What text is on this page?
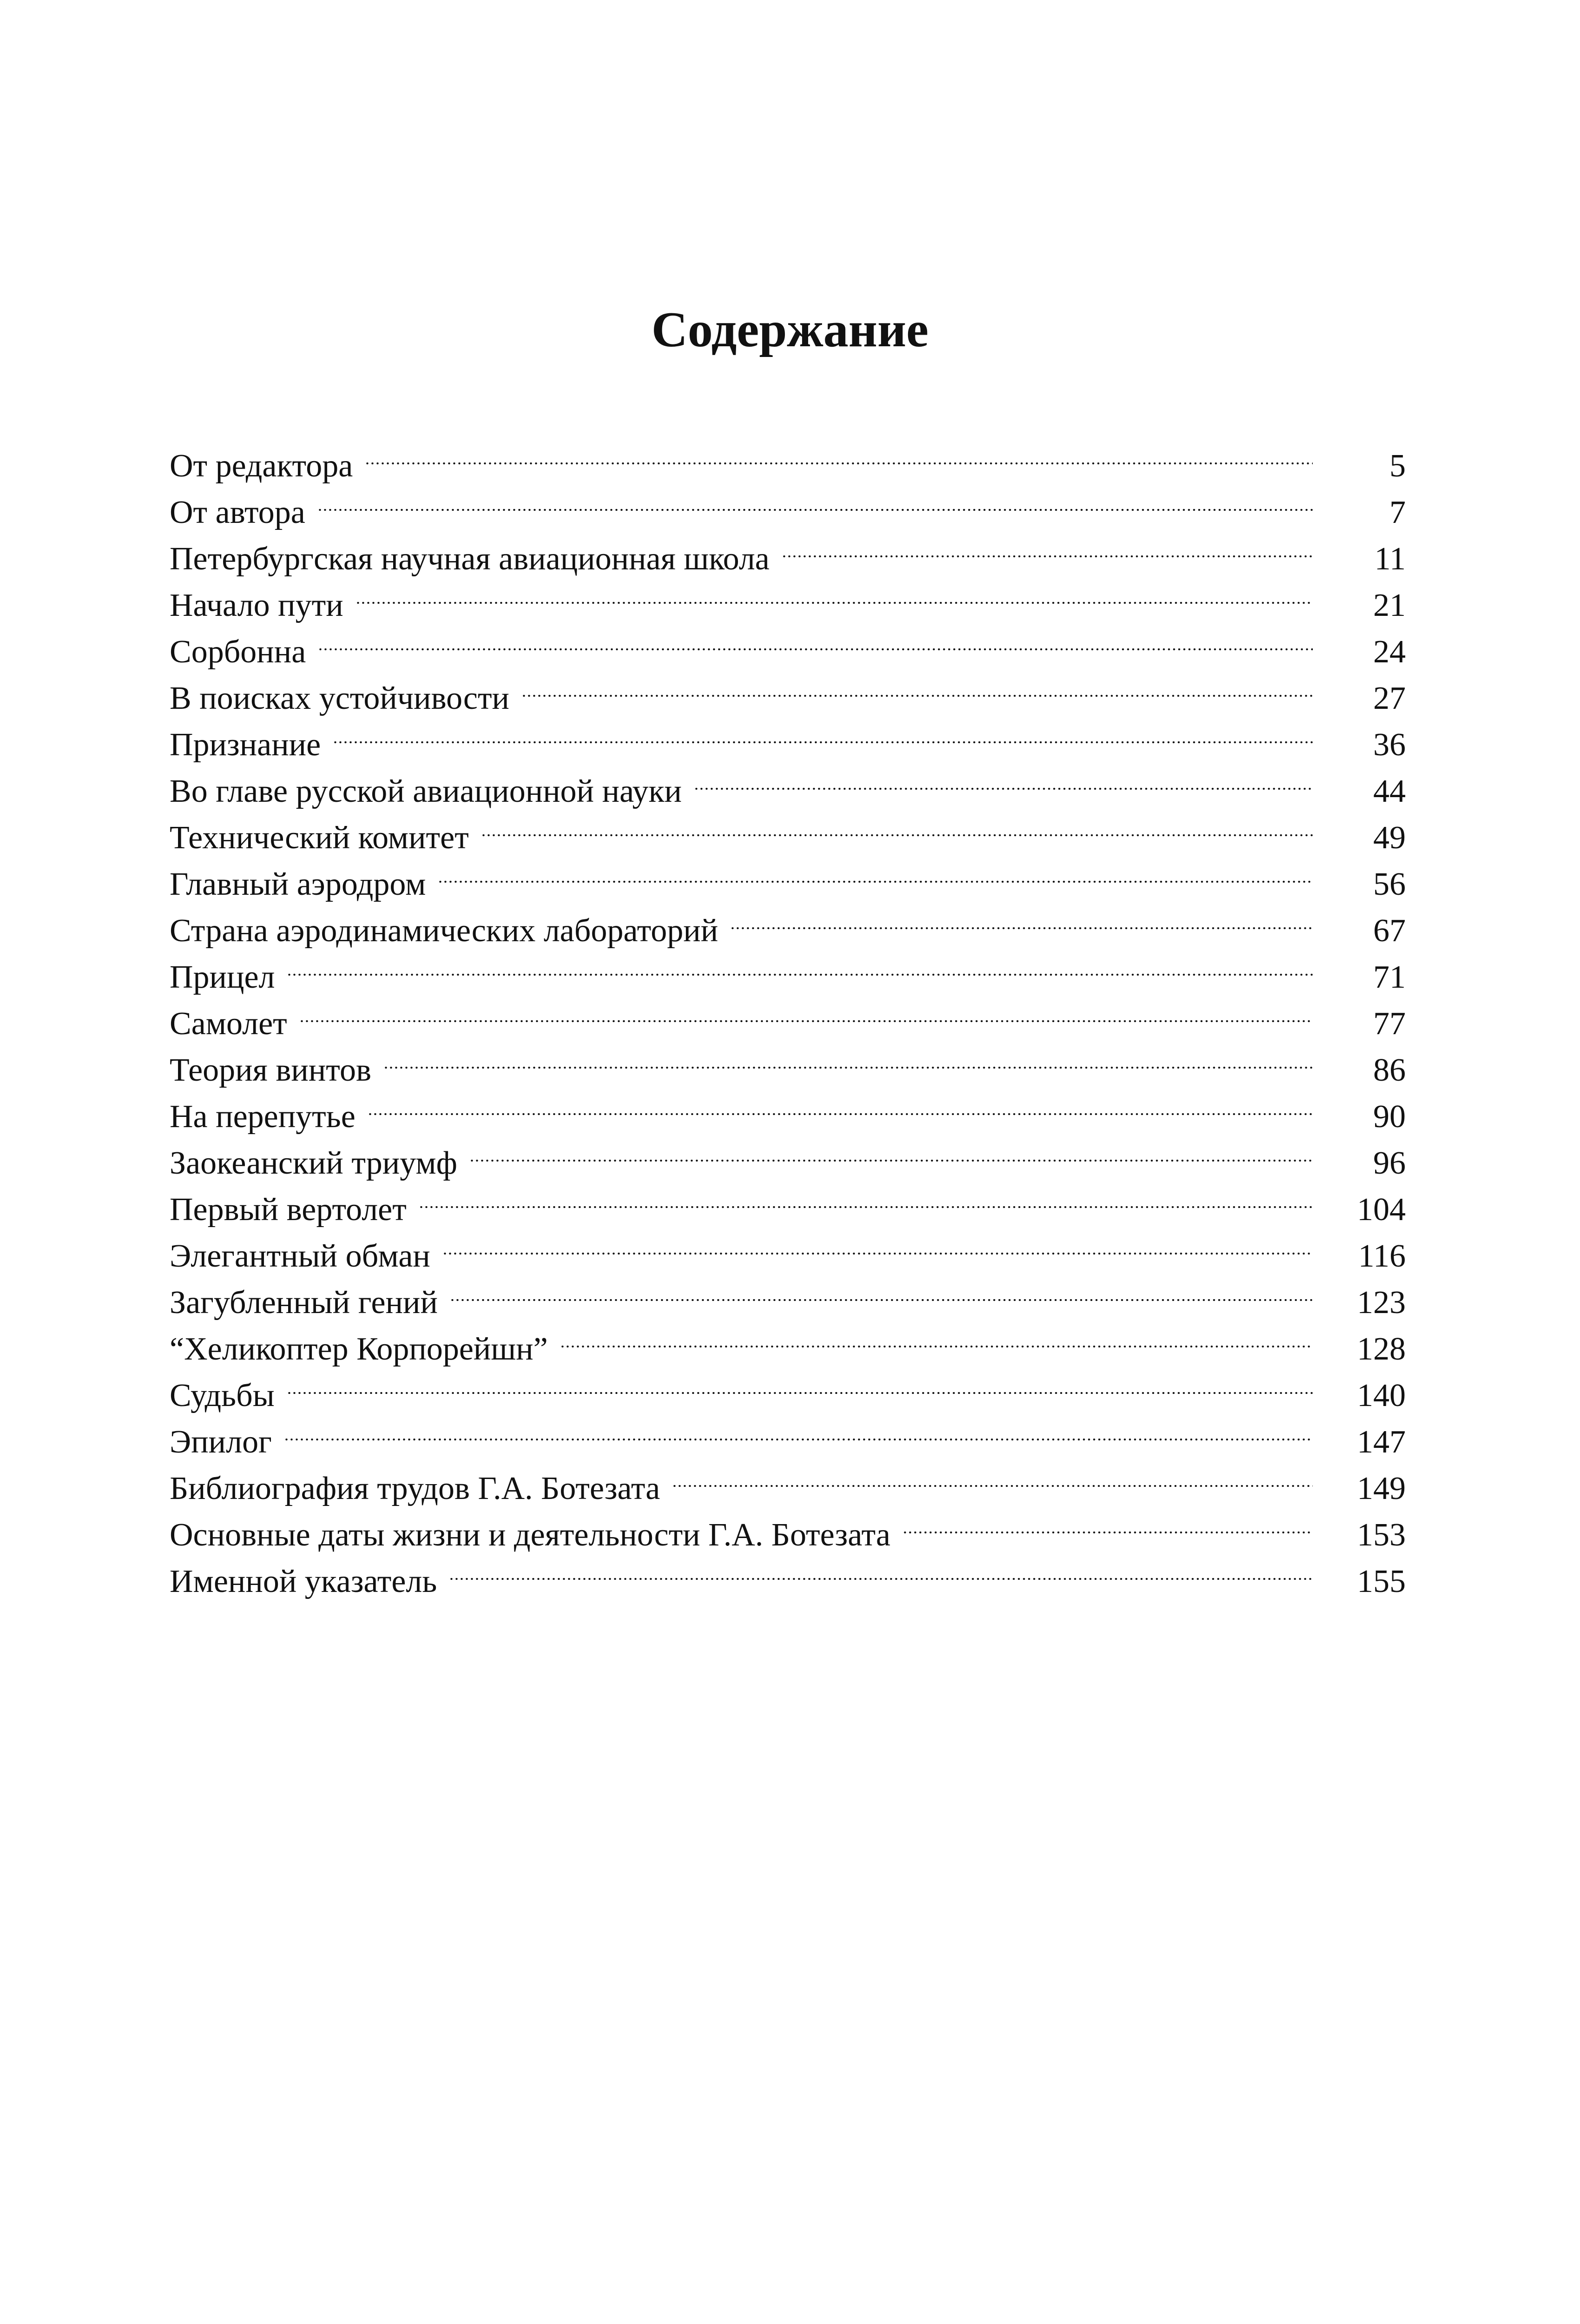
Содержание
От редактора	5
От автора	7
Петербургская научная авиационная школа	11
Начало пути	21
Сорбонна	24
В поисках устойчивости	27
Признание	36
Во главе русской авиационной науки	44
Технический комитет	49
Главный аэродром	56
Страна аэродинамических лабораторий	67
Прицел	71
Самолет	77
Теория винтов	86
На перепутье	90
Заокеанский триумф	96
Первый вертолет	104
Элегантный обман	116
Загубленный гений	123
“Хеликоптер Корпорейшн”	128
Судьбы	140
Эпилог	147
Библиография трудов Г.А. Ботезата	149
Основные даты жизни и деятельности Г.А. Ботезата	153
Именной указатель	155
